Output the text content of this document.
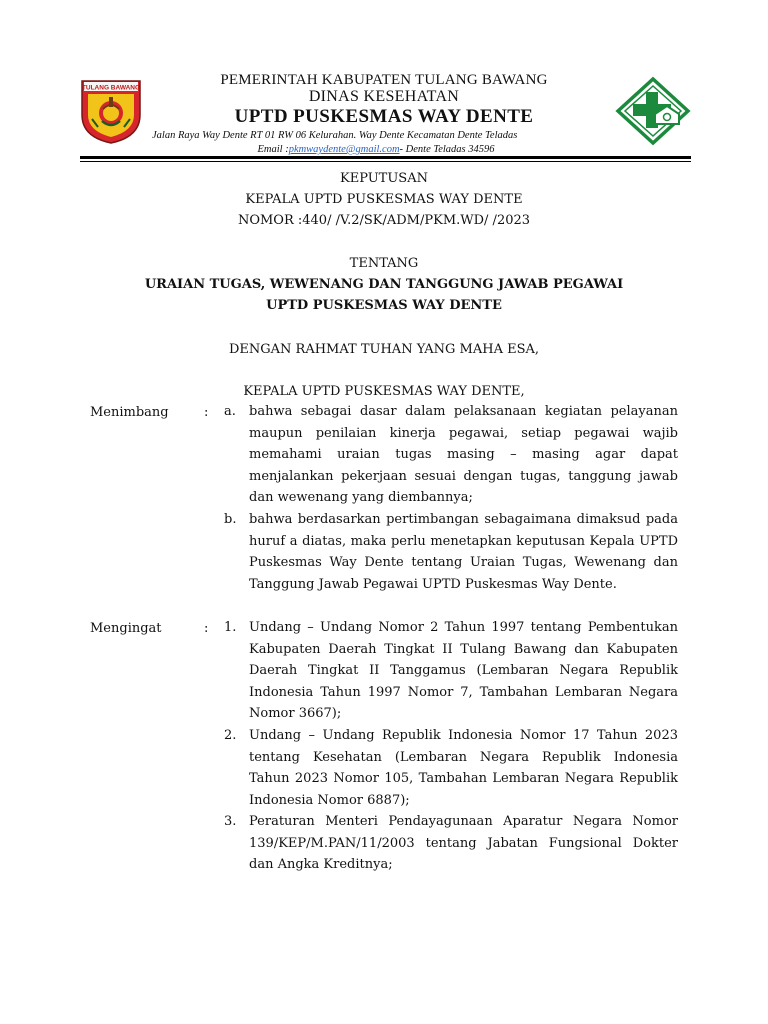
TULANG BAWANG	PEMERINTAH KABUPATEN TULANG BAWANG
DINAS KESEHATAN
UPTD PUSKESMAS WAY DENTE
Jalan Raya Way Dente RT 01 RW 06 Kelurahan. Way Dente Kecamatan Dente Teladas
Email :pkmwaydente@gmail.com- Dente Teladas 34596
KEPUTUSAN
KEPALA UPTD PUSKESMAS WAY DENTE
NOMOR :440/ /V.2/SK/ADM/PKM.WD/ /2023
TENTANG
URAIAN TUGAS, WEWENANG DAN TANGGUNG JAWAB PEGAWAI
UPTD PUSKESMAS WAY DENTE
DENGAN RAHMAT TUHAN YANG MAHA ESA,
KEPALA UPTD PUSKESMAS WAY DENTE,
Menimbang	: a. bahwa sebagai dasar dalam pelaksanaan kegiatan pelayanan maupun penilaian kinerja pegawai, setiap pegawai wajib memahami uraian tugas masing – masing agar dapat menjalankan pekerjaan sesuai dengan tugas, tanggung jawab dan wewenang yang diembannya;
b. bahwa berdasarkan pertimbangan sebagaimana dimaksud pada huruf a diatas, maka perlu menetapkan keputusan Kepala UPTD Puskesmas Way Dente tentang Uraian Tugas, Wewenang dan Tanggung Jawab Pegawai UPTD Puskesmas Way Dente.
Mengingat	: 1. Undang – Undang Nomor 2 Tahun 1997 tentang Pembentukan Kabupaten Daerah Tingkat II Tulang Bawang dan Kabupaten Daerah Tingkat II Tanggamus (Lembaran Negara Republik Indonesia Tahun 1997 Nomor 7, Tambahan Lembaran Negara Nomor 3667);
2. Undang – Undang Republik Indonesia Nomor 17 Tahun 2023 tentang Kesehatan (Lembaran Negara Republik Indonesia Tahun 2023 Nomor 105, Tambahan Lembaran Negara Republik Indonesia Nomor 6887);
3. Peraturan Menteri Pendayagunaan Aparatur Negara Nomor 139/KEP/M.PAN/11/2003 tentang Jabatan Fungsional Dokter dan Angka Kreditnya;
